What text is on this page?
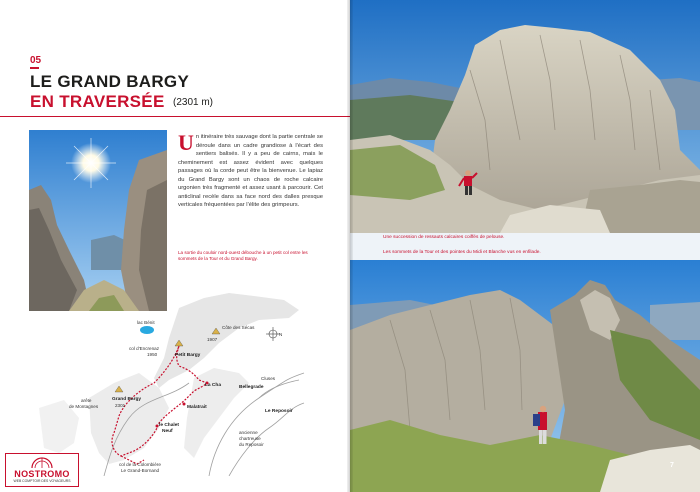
05
LE GRAND BARGY
EN TRAVERSÉE (2301 m)
Un itinéraire très sauvage dont la partie centrale se déroule dans un cadre grandiose à l'écart des sentiers balisés. Il y a peu de cairns, mais le cheminement est assez évident avec quelques passages où la corde peut être la bienvenue. Le lapiaz du Grand Bargy sont un chaos de roche calcaire urgonien très fragmenté et assez usant à parcourir. Cet anticlinal recèle dans sa face nord des dalles presque verticales fréquentées par l'élite des grimpeurs.
La sortie du couloir nord-ouest débouche à un petit col entre les sommets de la Tour et du Grand Bargy.
N
lac Bénit
Côte des Sécas
1907
col d'Encrenaz
1950	Petit Bargy
La Cha	Bellegrade
Grand Bargy
2301	Malatrait
Le Reposoir
le Chalet
Neuf	ancienne
chartreuse
du Reposoir
arête
de Montagnes
Cluses
col de la Colombière
Le Grand-Bornand
NOSTROMO
WEB COMPTOIR DES VOYAGEURS
Une succession de ressauts calcaires coiffés de pelouse.
Les sommets de la Tour et des pointes du Midi et Blanche vus en enfilade.
7
